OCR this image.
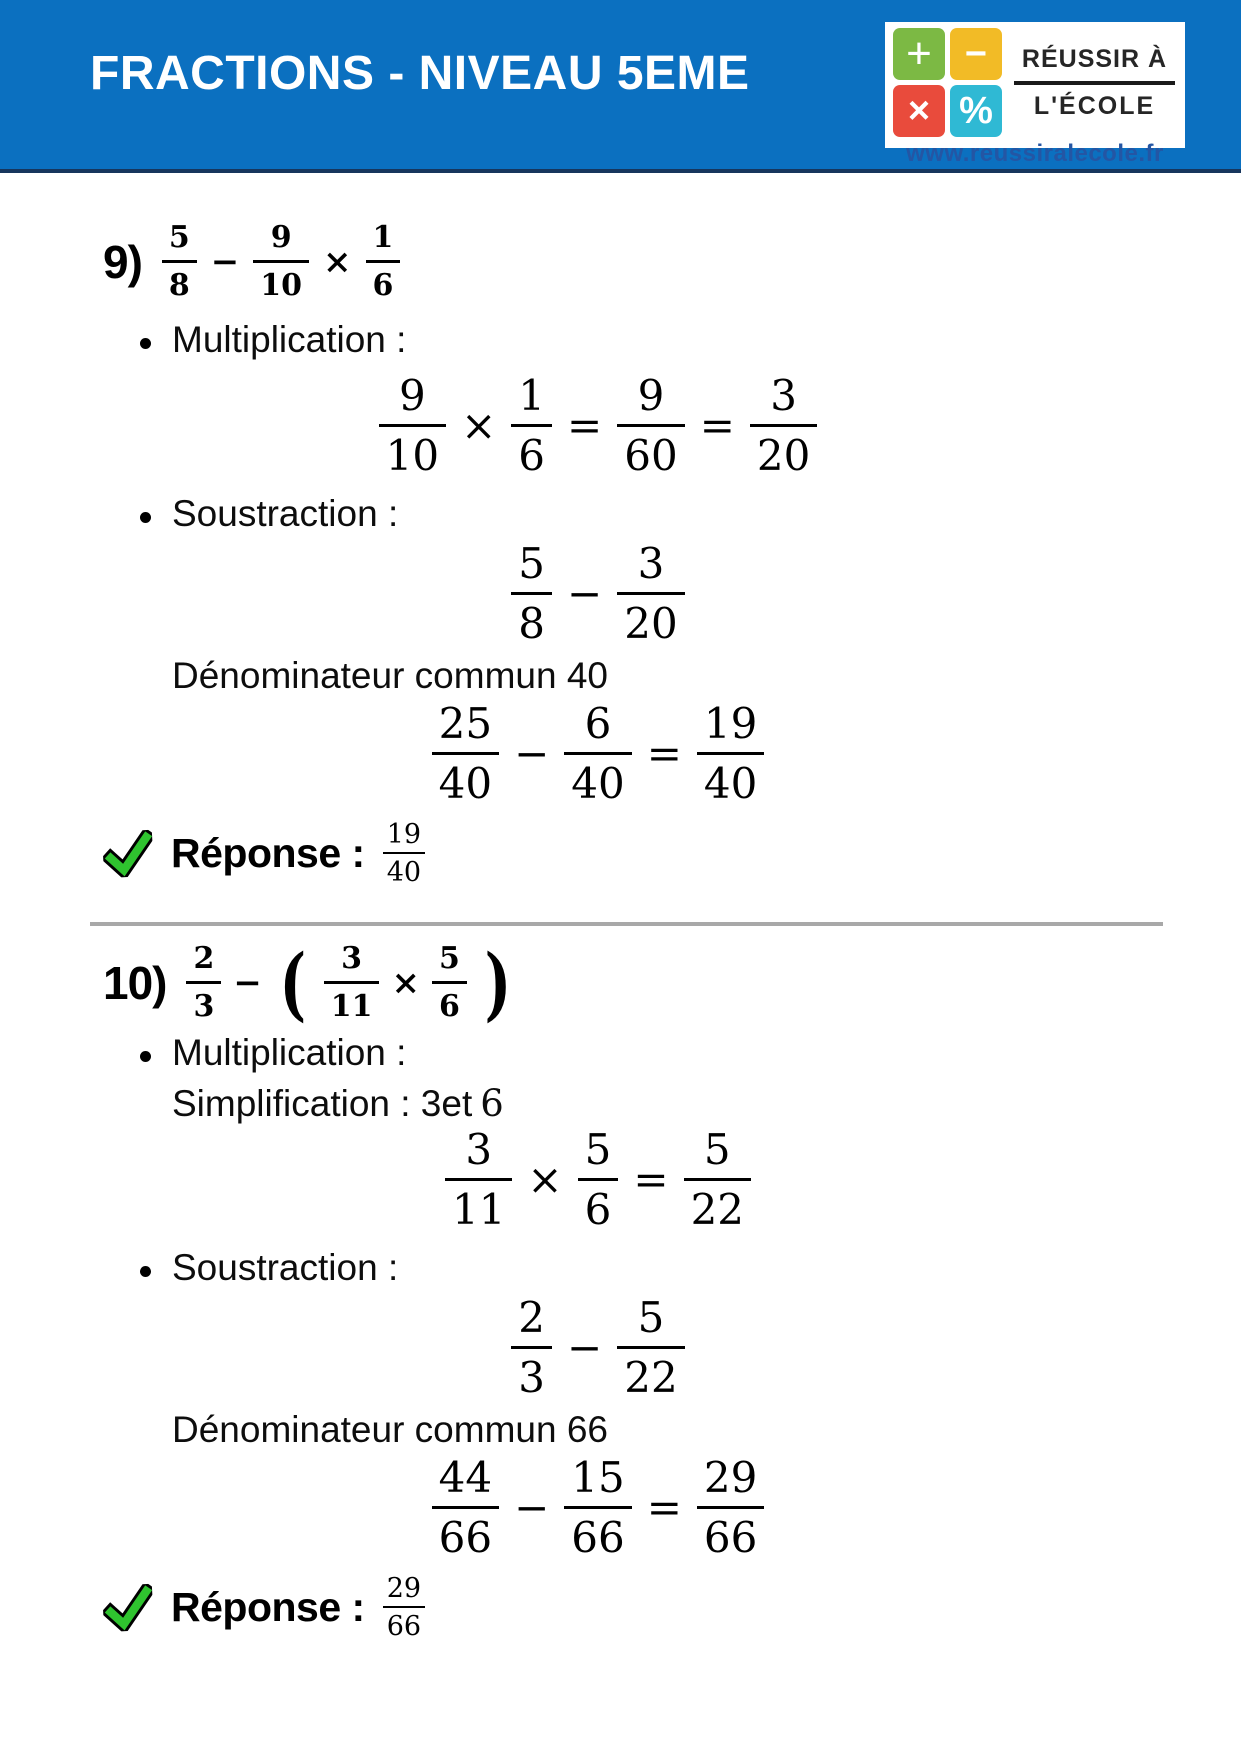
FRACTIONS - NIVEAU 5EME	+ −
× %
RÉUSSIR À
L'ÉCOLE
www.reussiralecole.fr
$9) \frac{5}{8} - \frac{9}{10} \times \frac{1}{6}$
Multiplication :
$\frac{9}{10} \times \frac{1}{6} = \frac{9}{60} = \frac{3}{20}$
Soustraction :
$\frac{5}{8} - \frac{3}{20}$
Dénominateur commun 40
$\frac{25}{40} - \frac{6}{40} = \frac{19}{40}$
Réponse : $\frac{19}{40}$
$10) \frac{2}{3}$ − ( $\frac{3}{11} \times \frac{5}{6}$ )
Multiplication :
Simplification : 3et 6
$\frac{3}{11} \times \frac{5}{6} = \frac{5}{22}$
Soustraction :
$\frac{2}{3} - \frac{5}{22}$
Dénominateur commun 66
$\frac{44}{66} - \frac{15}{66} = \frac{29}{66}$
Réponse : $\frac{29}{66}$
